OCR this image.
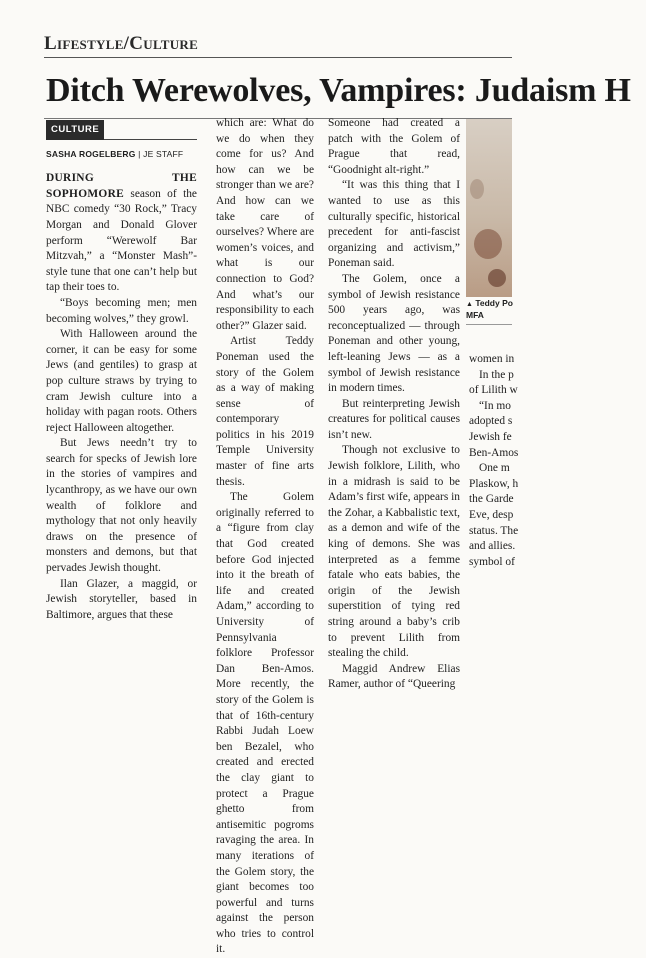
Lifestyle/Culture
Ditch Werewolves, Vampires: Judaism H
CULTURE
SASHA ROGELBERG | JE STAFF

DURING THE SOPHOMORE season of the NBC comedy “30 Rock,” Tracy Morgan and Donald Glover perform “Werewolf Bar Mitzvah,” a “Monster Mash”-style tune that one can’t help but tap their toes to.

“Boys becoming men; men becoming wolves,” they growl.

With Halloween around the corner, it can be easy for some Jews (and gentiles) to grasp at pop culture straws by trying to cram Jewish culture into a holiday with pagan roots. Others reject Halloween altogether.

But Jews needn’t try to search for specks of Jewish lore in the stories of vampires and lycanthropy, as we have our own wealth of folklore and mythology that not only heavily draws on the presence of monsters and demons, but that pervades Jewish thought.

Ilan Glazer, a maggid, or Jewish storyteller, based in Baltimore, argues that these

which are: What do we do when they come for us? And how can we be stronger than we are? And how can we take care of ourselves? Where are women’s voices, and what is our connection to God? And what’s our responsibility to each other?” Glazer said.

Artist Teddy Poneman used the story of the Golem as a way of making sense of contemporary politics in his 2019 Temple University master of fine arts thesis.

The Golem originally referred to a “figure from clay that God created before God injected into it the breath of life and created Adam,” according to University of Pennsylvania folklore Professor Dan Ben-Amos. More recently, the story of the Golem is that of 16th-century Rabbi Judah Loew ben Bezalel, who created and erected the clay giant to protect a Prague ghetto from antisemitic pogroms ravaging the area. In many iterations of the Golem story, the giant becomes too powerful and turns against the person who tries to control it.

Someone had created a patch with the Golem of Prague that read, “Goodnight alt-right.”

“It was this thing that I wanted to use as this culturally specific, historical precedent for anti-fascist organizing and activism,” Poneman said.

The Golem, once a symbol of Jewish resistance 500 years ago, was reconceptualized — through Poneman and other young, left-leaning Jews — as a symbol of Jewish resistance in modern times.

But reinterpreting Jewish creatures for political causes isn’t new.

Though not exclusive to Jewish folklore, Lilith, who in a midrash is said to be Adam’s first wife, appears in the Zohar, a Kabbalistic text, as a demon and wife of the king of demons. She was interpreted as a femme fatale who eats babies, the origin of the Jewish superstition of tying red string around a baby’s crib to prevent Lilith from stealing the child.

Maggid Andrew Elias Ramer, author of “Queering

▲ Teddy Po
MFA

women in

In the p

of Lilith w

“In mo

adopted s

Jewish fe

Ben-Amos

One m

Plaskow, h

the Garde

Eve, desp

status. The

and allies.

symbol of
